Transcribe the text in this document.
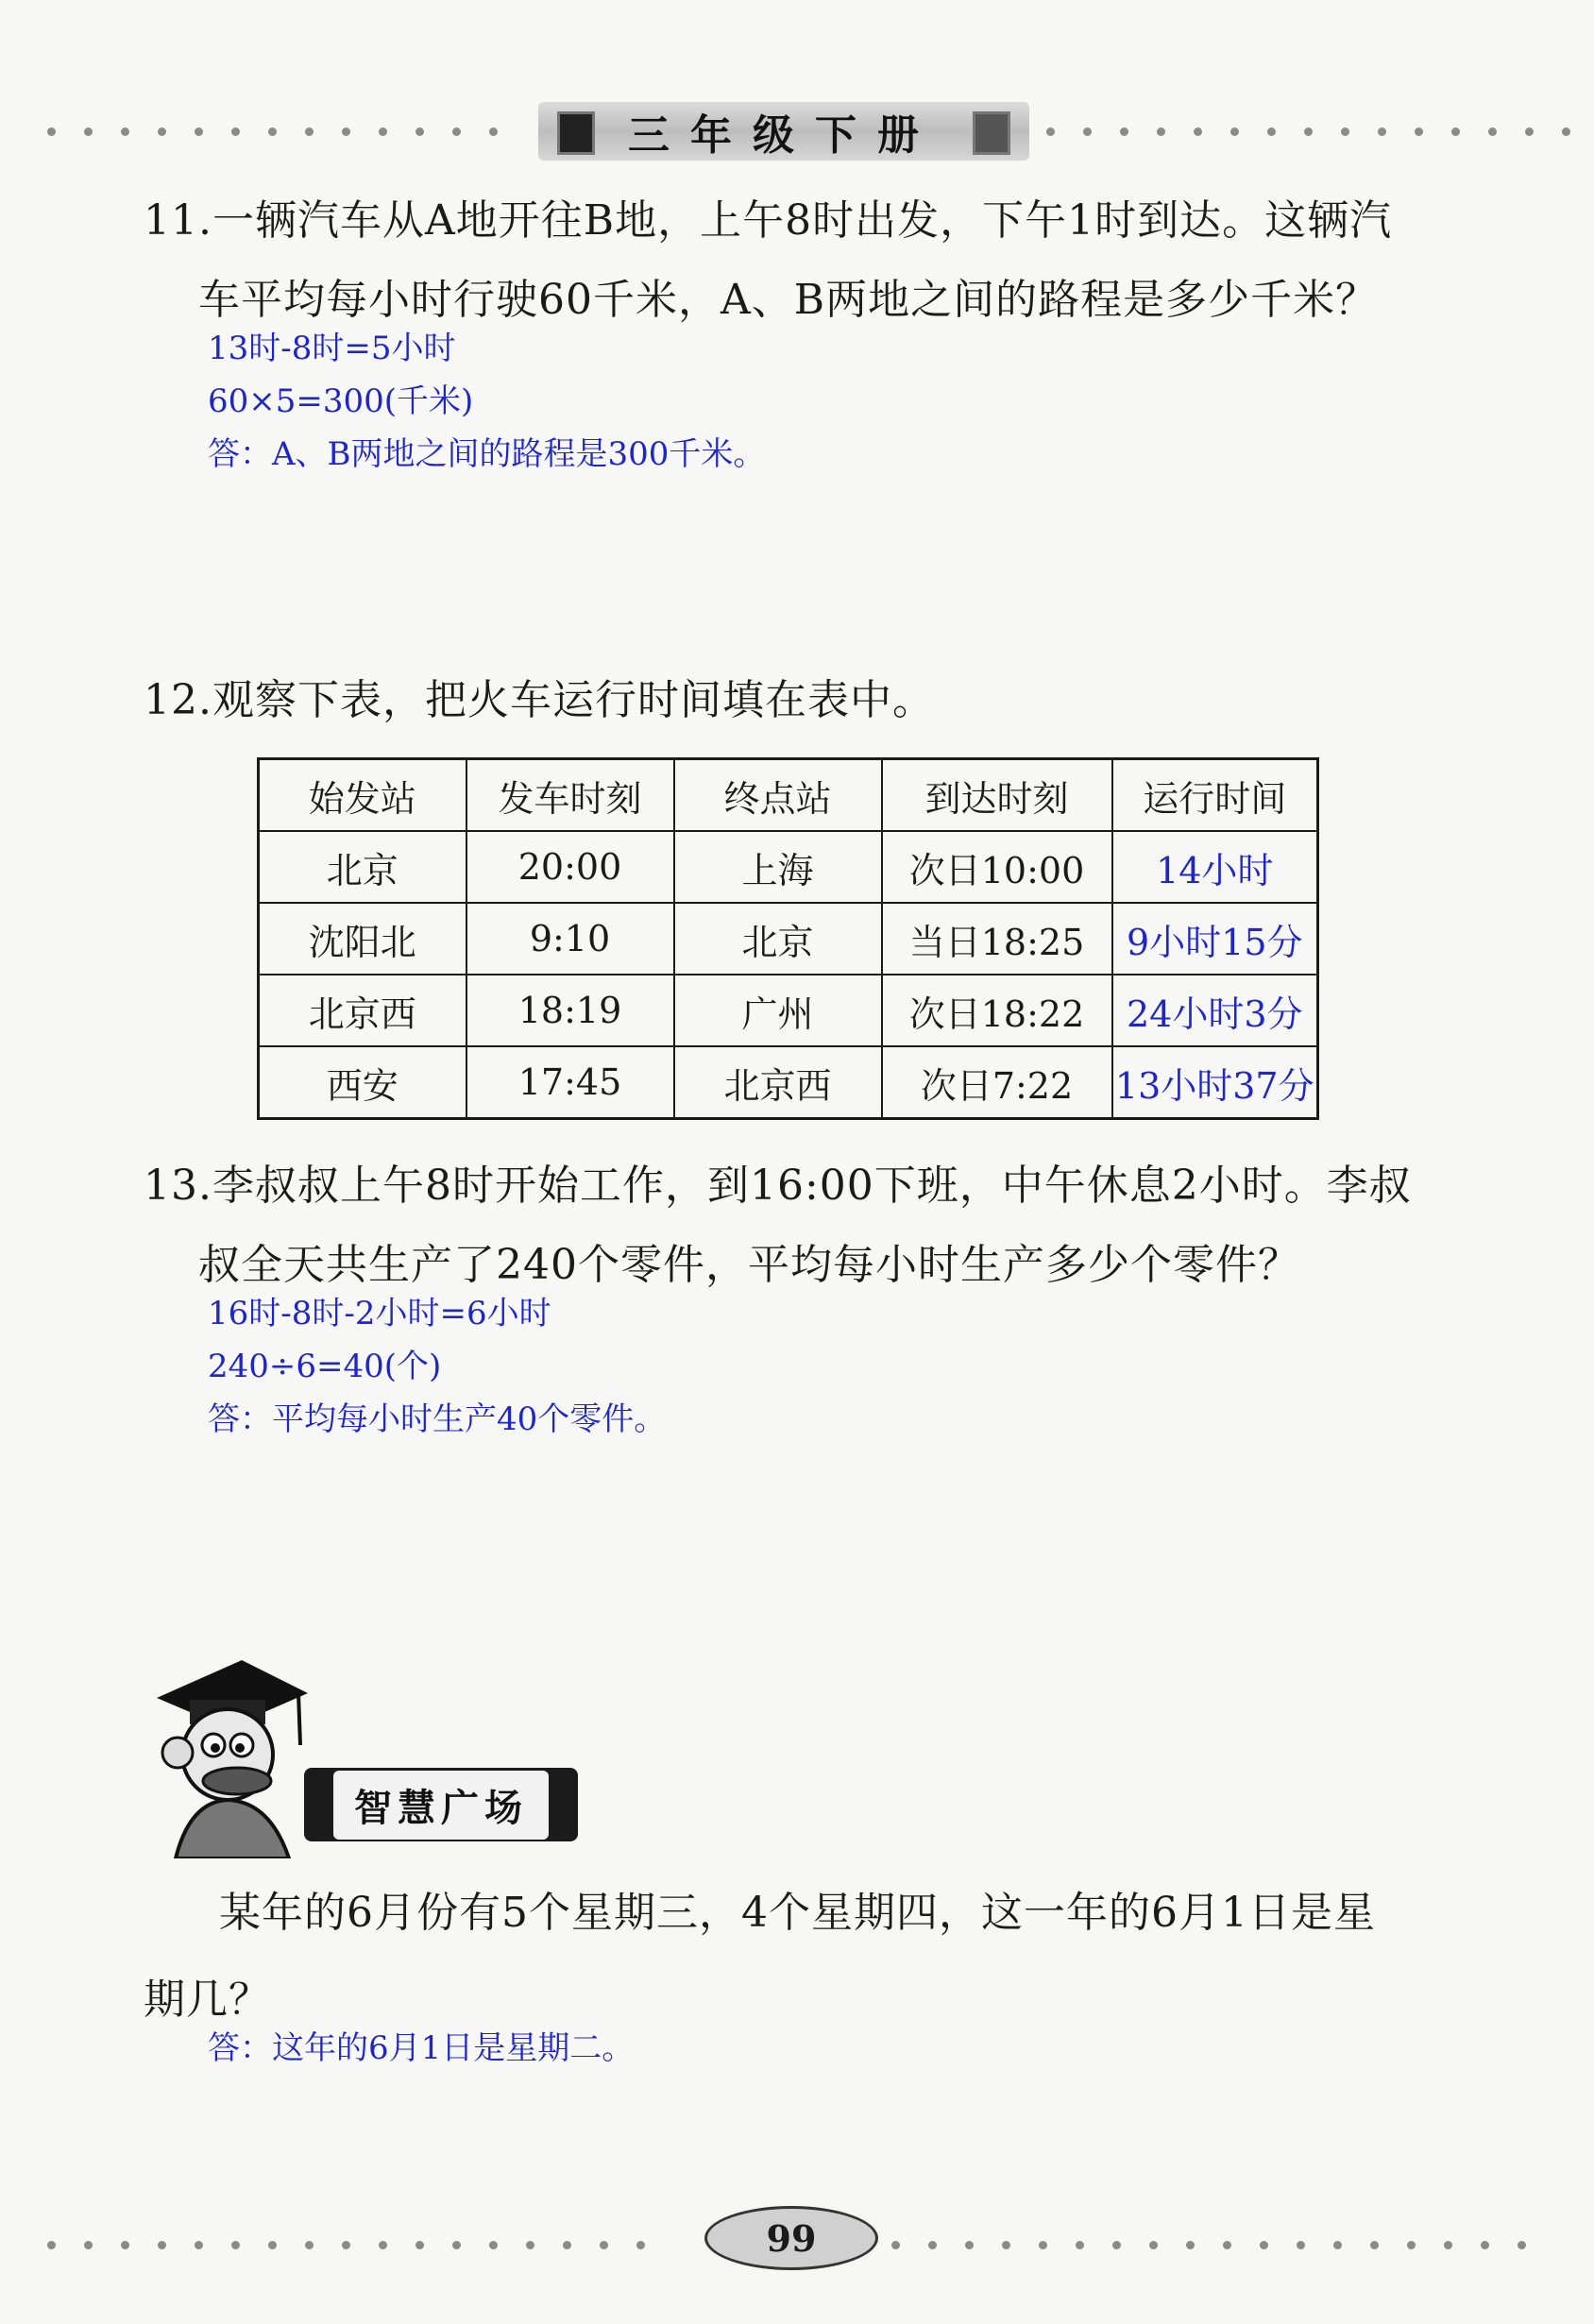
三年级下册
11.一辆汽车从A地开往B地，上午8时出发，下午1时到达。这辆汽
车平均每小时行驶60千米，A、B两地之间的路程是多少千米？
13时-8时=5小时
60×5=300(千米)
答：A、B两地之间的路程是300千米。
12.观察下表，把火车运行时间填在表中。
始发站	发车时刻	终点站	到达时刻	运行时间
北京	20:00	上海	次日10:00	14小时
沈阳北	9:10	北京	当日18:25	9小时15分
北京西	18:19	广州	次日18:22	24小时3分
西安	17:45	北京西	次日7:22	13小时37分
13.李叔叔上午8时开始工作，到16:00下班，中午休息2小时。李叔
叔全天共生产了240个零件，平均每小时生产多少个零件？
16时-8时-2小时=6小时
240÷6=40(个)
答：平均每小时生产40个零件。
智慧广场
某年的6月份有5个星期三，4个星期四，这一年的6月1日是星
期几？
答：这年的6月1日是星期二。
99
